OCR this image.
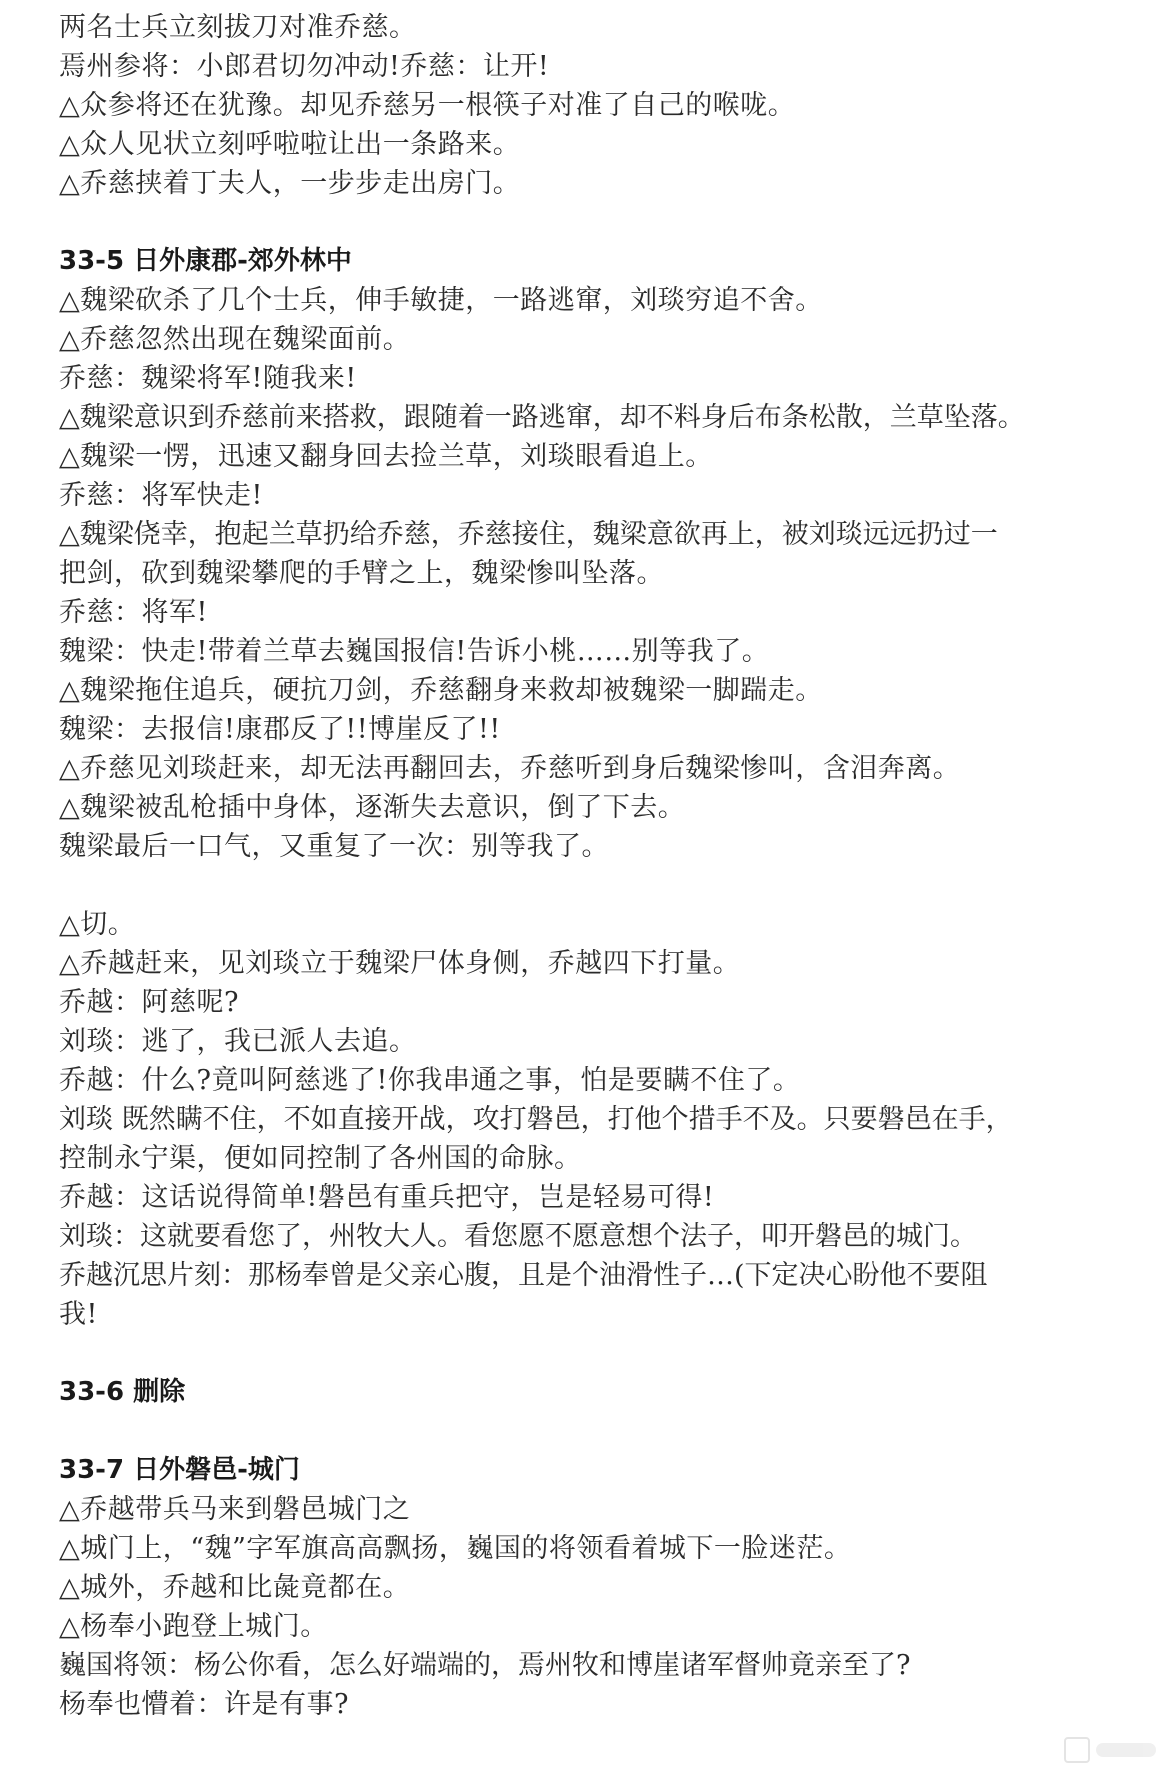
两名士兵立刻拔刀对准乔慈。
焉州参将：小郎君切勿冲动!乔慈：让开!
△众参将还在犹豫。却见乔慈另一根筷子对准了自己的喉咙。
△众人见状立刻呼啦啦让出一条路来。
△乔慈挟着丁夫人，一步步走出房门。
33-5 日外康郡-郊外林中
△魏梁砍杀了几个士兵，伸手敏捷，一路逃窜，刘琰穷追不舍。
△乔慈忽然出现在魏梁面前。
乔慈：魏梁将军!随我来!
△魏梁意识到乔慈前来搭救，跟随着一路逃窜，却不料身后布条松散，兰草坠落。
△魏梁一愣，迅速又翻身回去捡兰草，刘琰眼看追上。
乔慈：将军快走!
△魏梁侥幸，抱起兰草扔给乔慈，乔慈接住，魏梁意欲再上，被刘琰远远扔过一
把剑，砍到魏梁攀爬的手臂之上，魏梁惨叫坠落。
乔慈：将军!
魏梁：快走!带着兰草去巍国报信!告诉小桃……别等我了。
△魏梁拖住追兵，硬抗刀剑，乔慈翻身来救却被魏梁一脚踹走。
魏梁：去报信!康郡反了!!博崖反了!!
△乔慈见刘琰赶来，却无法再翻回去，乔慈听到身后魏梁惨叫，含泪奔离。
△魏梁被乱枪插中身体，逐渐失去意识，倒了下去。
魏梁最后一口气，又重复了一次：别等我了。
△切。
△乔越赶来，见刘琰立于魏梁尸体身侧，乔越四下打量。
乔越：阿慈呢?
刘琰：逃了，我已派人去追。
乔越：什么?竟叫阿慈逃了!你我串通之事，怕是要瞒不住了。
刘琰 既然瞒不住，不如直接开战，攻打磐邑，打他个措手不及。只要磐邑在手，
控制永宁渠，便如同控制了各州国的命脉。
乔越：这话说得简单!磐邑有重兵把守，岂是轻易可得!
刘琰：这就要看您了，州牧大人。看您愿不愿意想个法子，叩开磐邑的城门。
乔越沉思片刻：那杨奉曾是父亲心腹，且是个油滑性子…(下定决心盼他不要阻
我!
33-6 删除
33-7 日外磐邑-城门
△乔越带兵马来到磐邑城门之
△城门上，“魏”字军旗高高飘扬，巍国的将领看着城下一脸迷茫。
△城外，乔越和比彘竟都在。
△杨奉小跑登上城门。
巍国将领：杨公你看，怎么好端端的，焉州牧和博崖诸军督帅竟亲至了?
杨奉也懵着：许是有事?
